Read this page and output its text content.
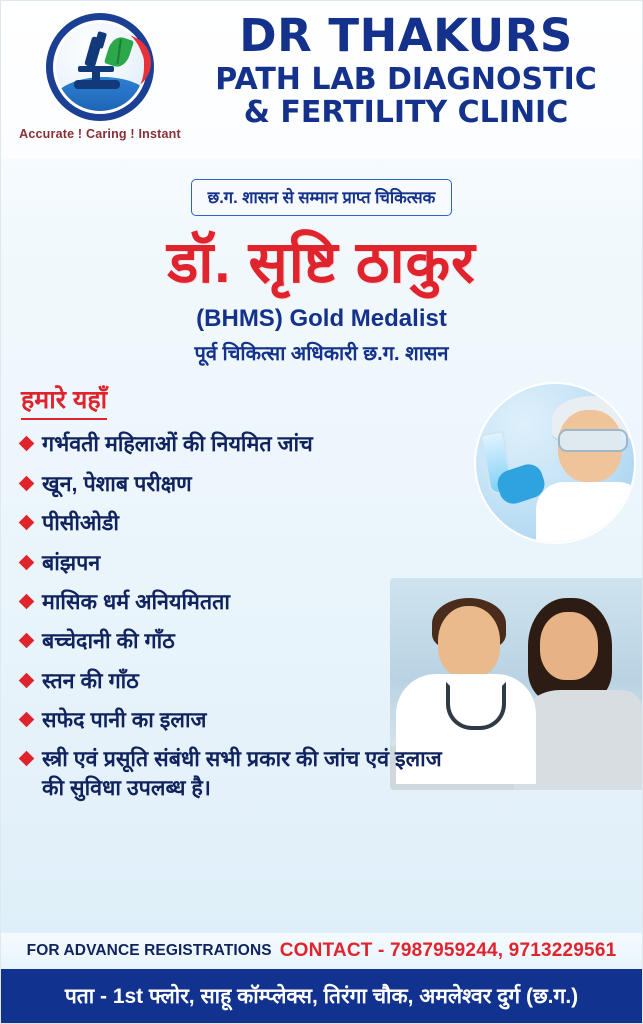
Accurate ! Caring ! Instant
DR THAKURS
PATH LAB DIAGNOSTIC
& FERTILITY CLINIC
छ.ग. शासन से सम्मान प्राप्त चिकित्सक
डॉ. सृष्टि ठाकुर
(BHMS) Gold Medalist
पूर्व चिकित्सा अधिकारी छ.ग. शासन
हमारे यहाँ
गर्भवती महिलाओं की नियमित जांच
खून, पेशाब परीक्षण
पीसीओडी
बांझपन
मासिक धर्म अनियमितता
बच्चेदानी की गाँठ
स्तन की गाँठ
सफेद पानी का इलाज
स्त्री एवं प्रसूति संबंधी सभी प्रकार की जांच एवं इलाज की सुविधा उपलब्ध है।
FOR ADVANCE REGISTRATIONS CONTACT - 7987959244, 9713229561
पता - 1st फ्लोर, साहू कॉम्प्लेक्स, तिरंगा चौक, अमलेश्वर दुर्ग (छ.ग.)
